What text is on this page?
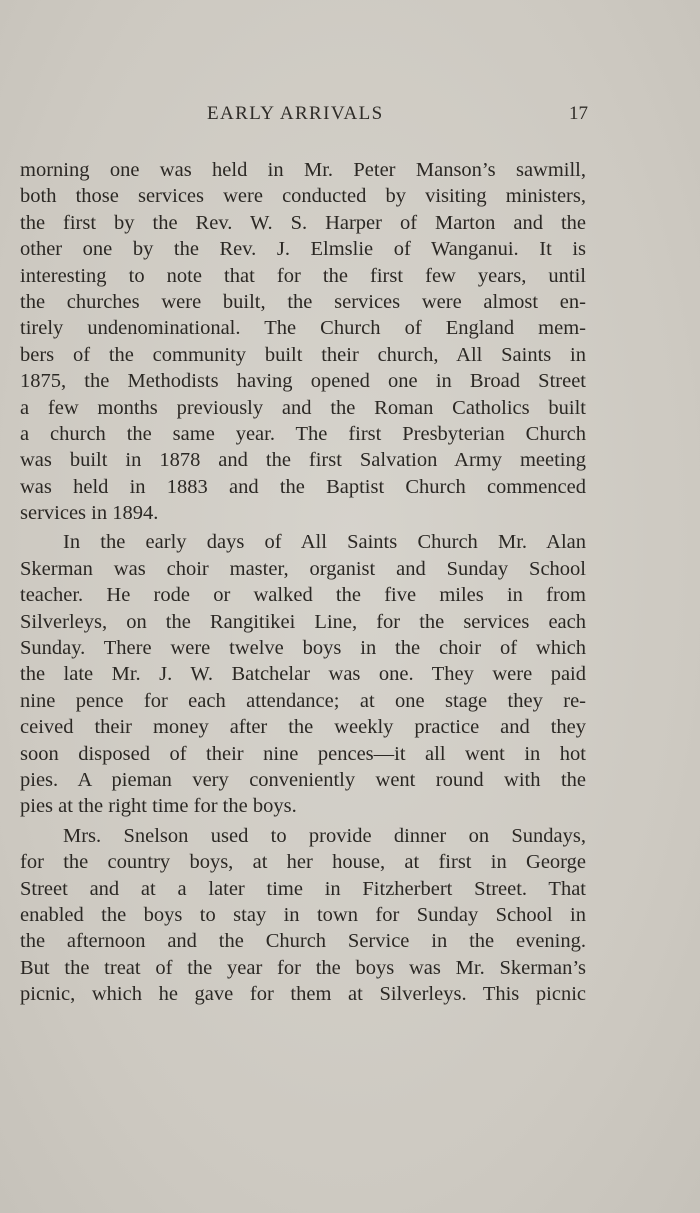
EARLY ARRIVALS	17
morning one was held in Mr. Peter Manson’s sawmill,
both those services were conducted by visiting ministers,
the first by the Rev. W. S. Harper of Marton and the
other one by the Rev. J. Elmslie of Wanganui. It is
interesting to note that for the first few years, until
the churches were built, the services were almost en-
tirely undenominational. The Church of England mem-
bers of the community built their church, All Saints in
1875, the Methodists having opened one in Broad Street
a few months previously and the Roman Catholics built
a church the same year. The first Presbyterian Church
was built in 1878 and the first Salvation Army meeting
was held in 1883 and the Baptist Church commenced
services in 1894.
In the early days of All Saints Church Mr. Alan
Skerman was choir master, organist and Sunday School
teacher. He rode or walked the five miles in from
Silverleys, on the Rangitikei Line, for the services each
Sunday. There were twelve boys in the choir of which
the late Mr. J. W. Batchelar was one. They were paid
nine pence for each attendance; at one stage they re-
ceived their money after the weekly practice and they
soon disposed of their nine pences—it all went in hot
pies. A pieman very conveniently went round with the
pies at the right time for the boys.
Mrs. Snelson used to provide dinner on Sundays,
for the country boys, at her house, at first in George
Street and at a later time in Fitzherbert Street. That
enabled the boys to stay in town for Sunday School in
the afternoon and the Church Service in the evening.
But the treat of the year for the boys was Mr. Skerman’s
picnic, which he gave for them at Silverleys. This picnic
